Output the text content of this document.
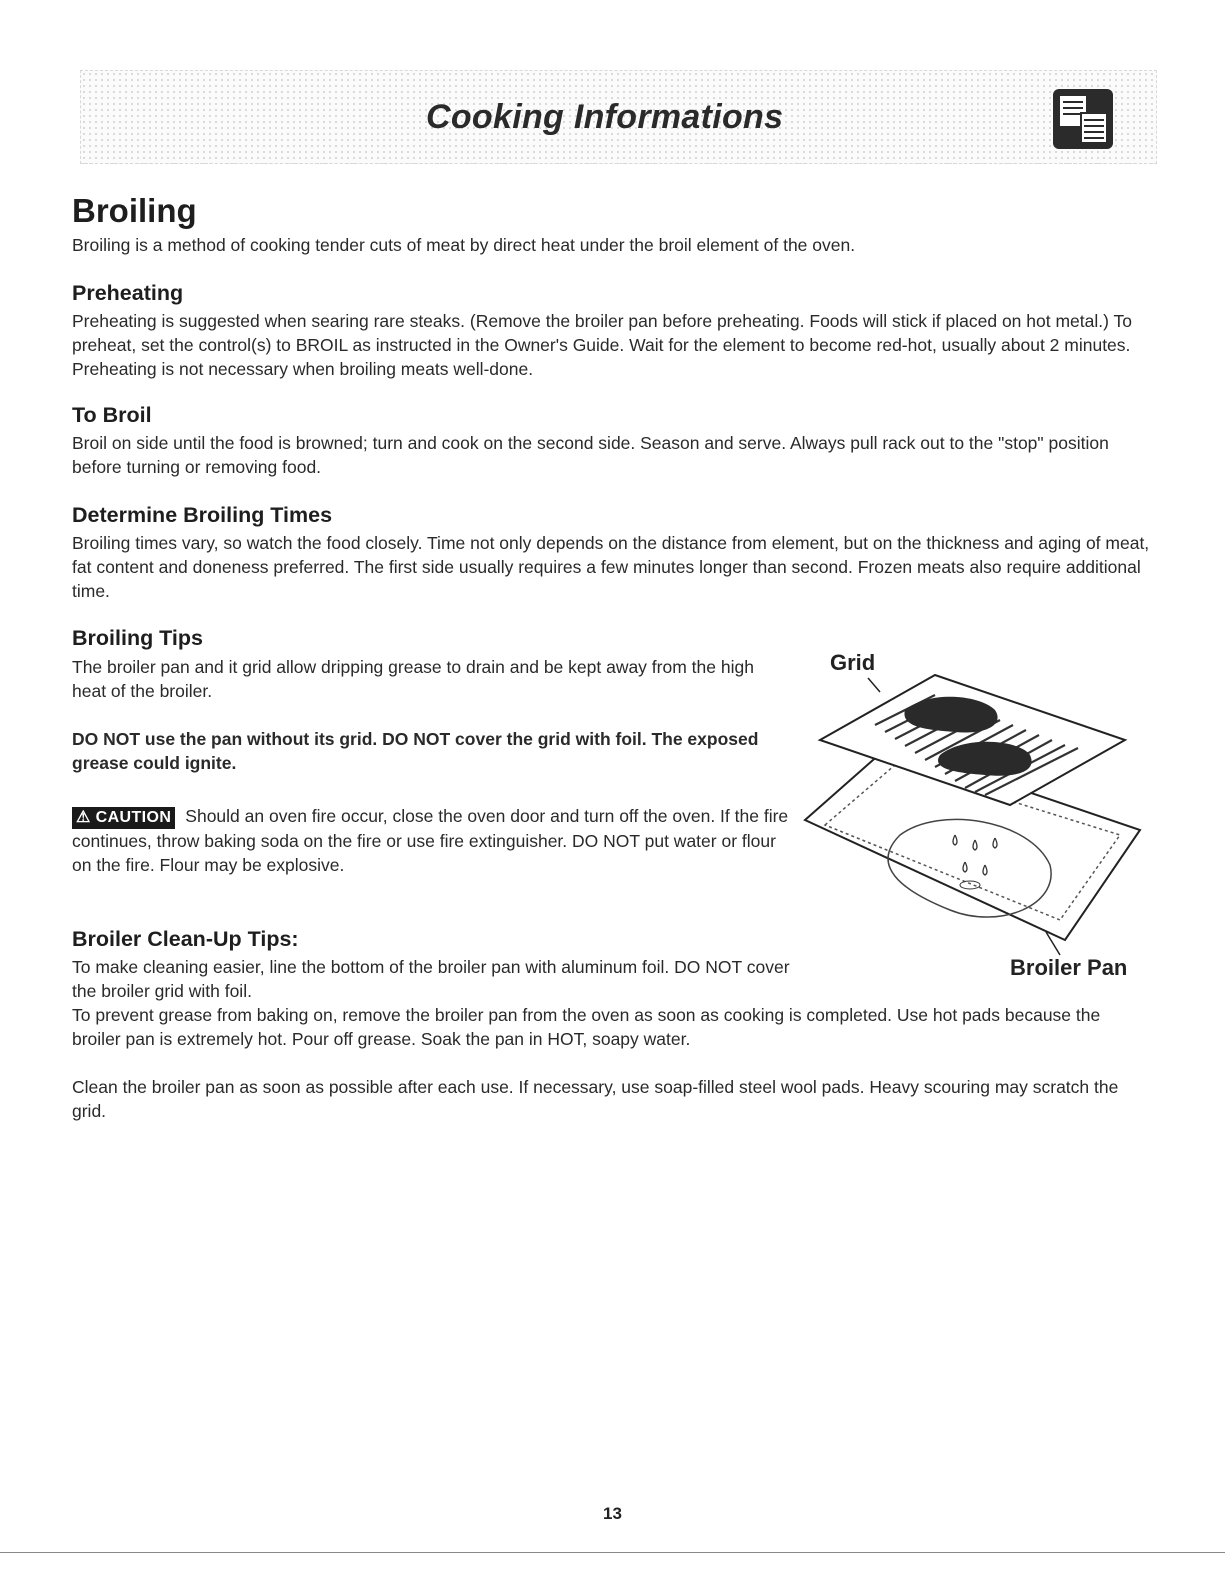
Cooking Informations
Broiling
Broiling is a method of cooking tender cuts of meat by direct heat under the broil element of the oven.
Preheating
Preheating is suggested when searing rare steaks. (Remove the broiler pan before preheating. Foods will stick if placed on hot metal.) To preheat, set the control(s) to BROIL as instructed in the Owner's Guide. Wait for the element to become red-hot, usually about 2 minutes. Preheating is not necessary when broiling meats well-done.
To Broil
Broil on side until the food is browned; turn and cook on the second side. Season and serve. Always pull rack out to the "stop" position before turning or removing food.
Determine Broiling Times
Broiling times vary, so watch the food closely. Time not only depends on the distance from element, but on the thickness and aging of meat, fat content and doneness preferred. The first side usually requires a few minutes longer than second. Frozen meats also require additional time.
Broiling Tips
The broiler pan and it grid allow dripping grease to drain and be kept away from the high heat of the broiler.
DO NOT use the pan without its grid. DO NOT cover the grid with foil. The exposed grease could ignite.
⚠ CAUTION Should an oven fire occur, close the oven door and turn off the oven. If the fire continues, throw baking soda on the fire or use fire extinguisher. DO NOT put water or flour on the fire. Flour may be explosive.
Grid
Broiler Pan
Broiler Clean-Up Tips:
To make cleaning easier, line the bottom of the broiler pan with aluminum foil. DO NOT cover the broiler grid with foil.
To prevent grease from baking on, remove the broiler pan from the oven as soon as cooking is completed. Use hot pads because the broiler pan is extremely hot. Pour off grease. Soak the pan in HOT, soapy water.
Clean the broiler pan as soon as possible after each use. If necessary, use soap-filled steel wool pads. Heavy scouring may scratch the grid.
13
